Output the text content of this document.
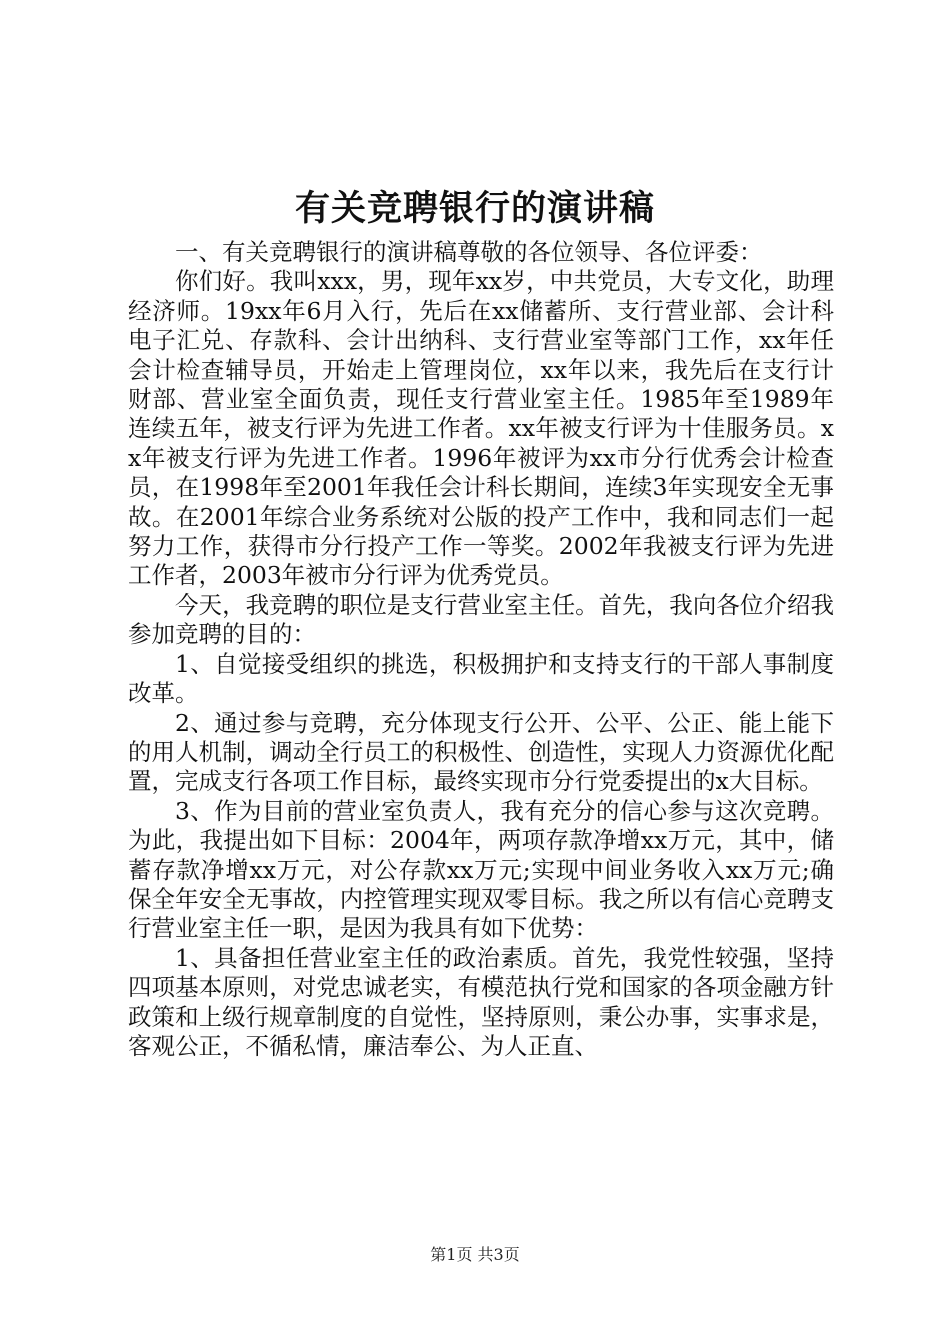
有关竞聘银行的演讲稿

一、有关竞聘银行的演讲稿尊敬的各位领导、各位评委：

你们好。我叫xxx，男，现年xx岁，中共党员，大专文化，助理经济师。19xx年6月入行，先后在xx储蓄所、支行营业部、会计科电子汇兑、存款科、会计出纳科、支行营业室等部门工作，xx年任会计检查辅导员，开始走上管理岗位，xx年以来，我先后在支行计财部、营业室全面负责，现任支行营业室主任。1985年至1989年连续五年，被支行评为先进工作者。xx年被支行评为十佳服务员。xx年被支行评为先进工作者。1996年被评为xx市分行优秀会计检查员，在1998年至2001年我任会计科长期间，连续3年实现安全无事故。在2001年综合业务系统对公版的投产工作中，我和同志们一起努力工作，获得市分行投产工作一等奖。2002年我被支行评为先进工作者，2003年被市分行评为优秀党员。

今天，我竞聘的职位是支行营业室主任。首先，我向各位介绍我参加竞聘的目的：

1、自觉接受组织的挑选，积极拥护和支持支行的干部人事制度改革。

2、通过参与竞聘，充分体现支行公开、公平、公正、能上能下的用人机制，调动全行员工的积极性、创造性，实现人力资源优化配置，完成支行各项工作目标，最终实现市分行党委提出的x大目标。

3、作为目前的营业室负责人，我有充分的信心参与这次竞聘。为此，我提出如下目标：2004年，两项存款净增xx万元，其中，储蓄存款净增xx万元，对公存款xx万元;实现中间业务收入xx万元;确保全年安全无事故，内控管理实现双零目标。我之所以有信心竞聘支行营业室主任一职，是因为我具有如下优势：

1、具备担任营业室主任的政治素质。首先，我党性较强，坚持四项基本原则，对党忠诚老实，有模范执行党和国家的各项金融方针政策和上级行规章制度的自觉性，坚持原则，秉公办事，实事求是，客观公正，不循私情，廉洁奉公、为人正直、

第1页 共3页
